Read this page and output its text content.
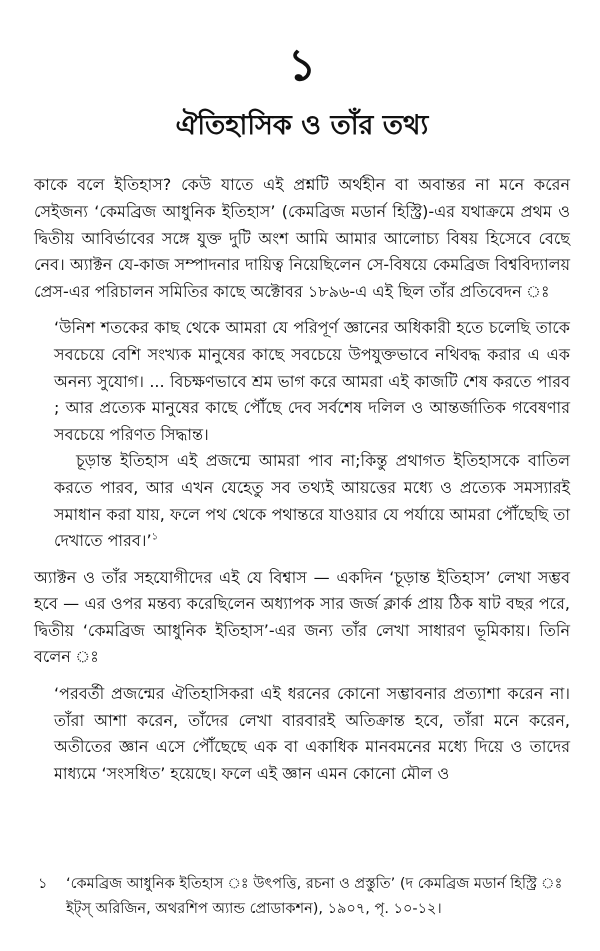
১
ঐতিহাসিক ও তাঁর তথ্য

কাকে বলে ইতিহাস? কেউ যাতে এই প্রশ্নটি অর্থহীন বা অবান্তর না মনে করেন সেইজন্য ‘কেমব্রিজ আধুনিক ইতিহাস’ (কেমব্রিজ মডার্ন হিস্ট্রি)-এর যথাক্রমে প্রথম ও দ্বিতীয় আবির্ভাবের সঙ্গে যুক্ত দুটি অংশ আমি আমার আলোচ্য বিষয় হিসেবে বেছে নেব। অ্যাক্টন যে-কাজ সম্পাদনার দায়িত্ব নিয়েছিলেন সে-বিষয়ে কেমব্রিজ বিশ্ববিদ্যালয় প্রেস-এর পরিচালন সমিতির কাছে অক্টোবর ১৮৯৬-এ এই ছিল তাঁর প্রতিবেদন ঃ

‘উনিশ শতকের কাছ থেকে আমরা যে পরিপূর্ণ জ্ঞানের অধিকারী হতে চলেছি তাকে সবচেয়ে বেশি সংখ্যক মানুষের কাছে সবচেয়ে উপযুক্তভাবে নথিবদ্ধ করার এ এক অনন্য সুযোগ। ... বিচক্ষণভাবে শ্রম ভাগ করে আমরা এই কাজটি শেষ করতে পারব ; আর প্রত্যেক মানুষের কাছে পৌঁছে দেব সর্বশেষ দলিল ও আন্তর্জাতিক গবেষণার সবচেয়ে পরিণত সিদ্ধান্ত।

চূড়ান্ত ইতিহাস এই প্রজন্মে আমরা পাব না;কিন্তু প্রথাগত ইতিহাসকে বাতিল করতে পারব, আর এখন যেহেতু সব তথ্যই আয়ত্তের মধ্যে ও প্রত্যেক সমস্যারই সমাধান করা যায়, ফলে পথ থেকে পথান্তরে যাওয়ার যে পর্যায়ে আমরা পৌঁছেছি তা দেখাতে পারব।’$^১$

অ্যাক্টন ও তাঁর সহযোগীদের এই যে বিশ্বাস — একদিন ‘চূড়ান্ত ইতিহাস’ লেখা সম্ভব হবে — এর ওপর মন্তব্য করেছিলেন অধ্যাপক সার জর্জ ক্লার্ক প্রায় ঠিক ষাট বছর পরে, দ্বিতীয় ‘কেমব্রিজ আধুনিক ইতিহাস’-এর জন্য তাঁর লেখা সাধারণ ভূমিকায়। তিনি বলেন ঃ

‘পরবর্তী প্রজন্মের ঐতিহাসিকরা এই ধরনের কোনো সম্ভাবনার প্রত্যাশা করেন না। তাঁরা আশা করেন, তাঁদের লেখা বারবারই অতিক্রান্ত হবে, তাঁরা মনে করেন, অতীতের জ্ঞান এসে পৌঁছেছে এক বা একাধিক মানবমনের মধ্যে দিয়ে ও তাদের মাধ্যমে ‘সংসধিত’ হয়েছে। ফলে এই জ্ঞান এমন কোনো মৌল ও

১	‘কেমব্রিজ আধুনিক ইতিহাস ঃ উৎপত্তি, রচনা ও প্রস্তুতি’ (দ কেমব্রিজ মডার্ন হিস্ট্রি ঃ ইট্স্ অরিজিন, অথরশিপ অ্যান্ড প্রোডাকশন), ১৯০৭, পৃ. ১০-১২।
